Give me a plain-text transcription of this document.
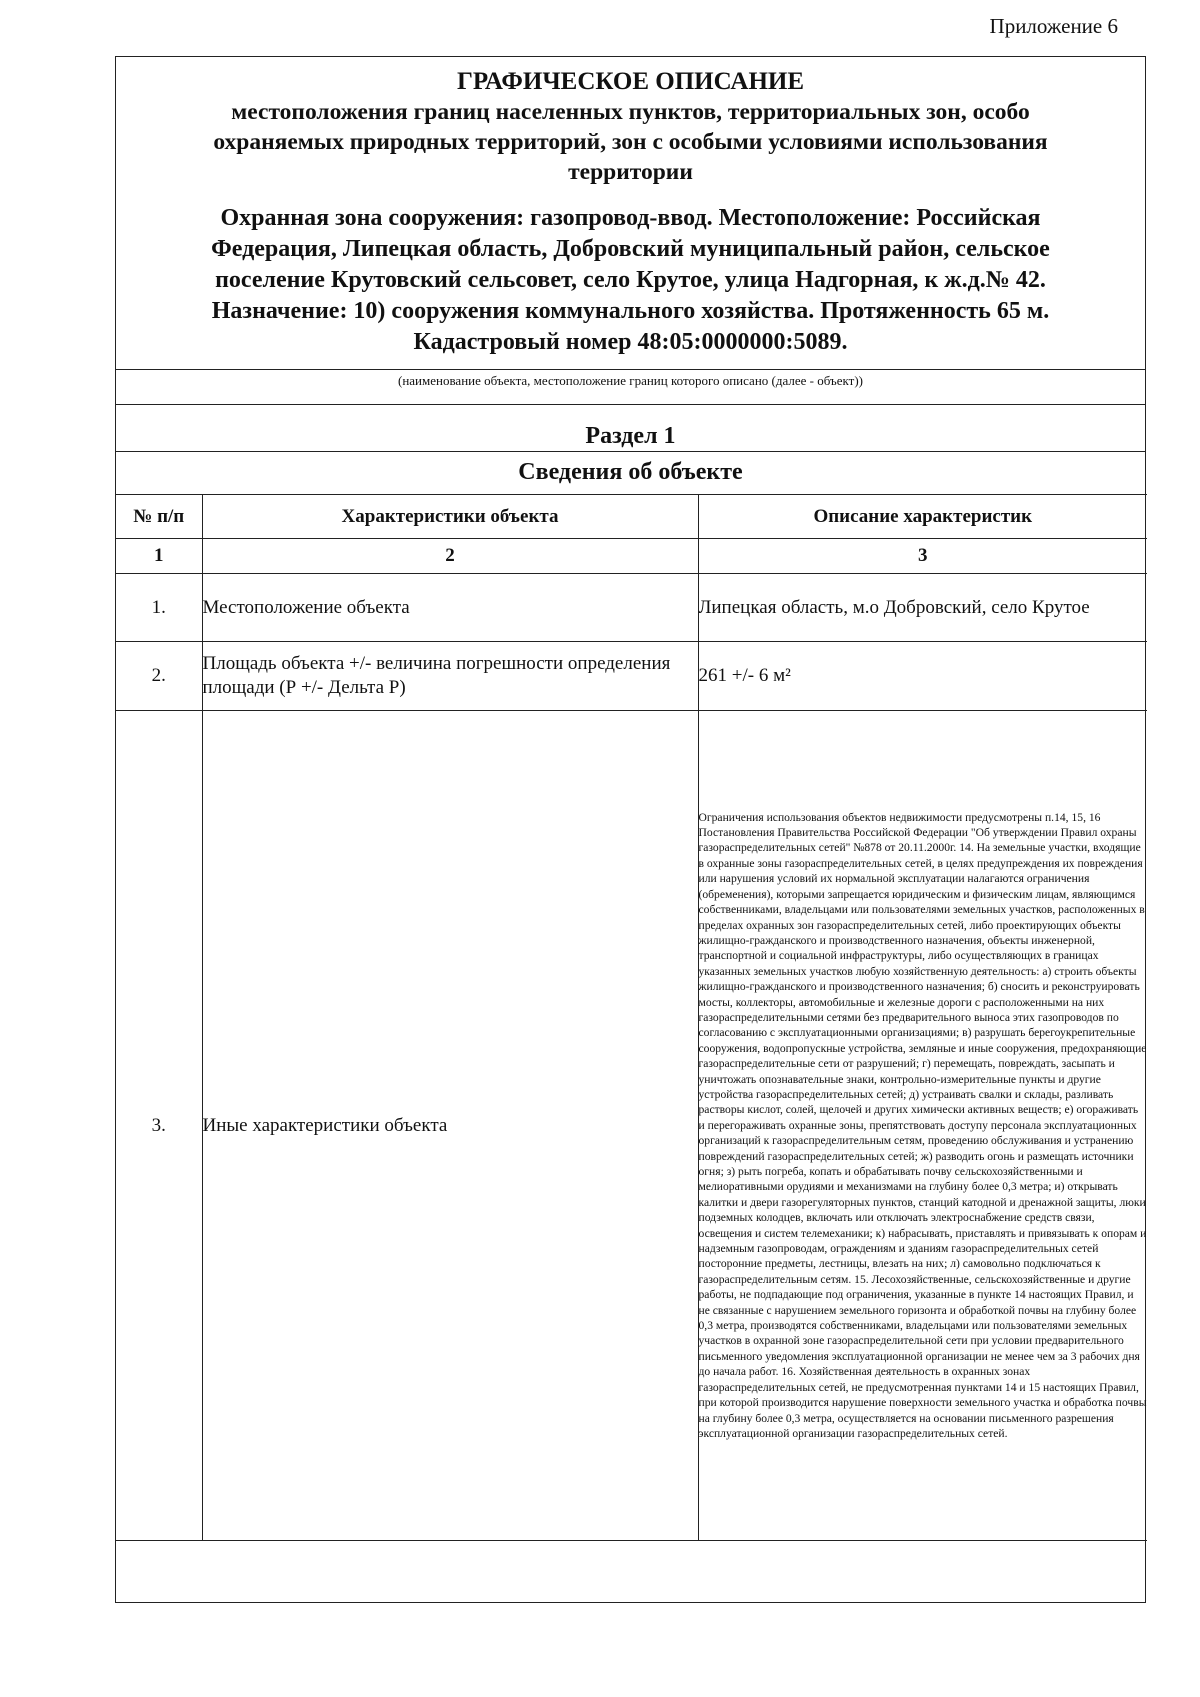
Приложение 6
ГРАФИЧЕСКОЕ ОПИСАНИЕ
местоположения границ населенных пунктов, территориальных зон, особо охраняемых природных территорий, зон с особыми условиями использования территории
Охранная зона сооружения: газопровод-ввод. Местоположение: Российская
Федерация, Липецкая область, Добровский муниципальный район, сельское
поселение Крутовский сельсовет, село Крутое, улица Надгорная, к ж.д.№ 42.
Назначение: 10) сооружения коммунального хозяйства. Протяженность 65 м.
Кадастровый номер 48:05:0000000:5089.
(наименование объекта, местоположение границ которого описано (далее - объект))
Раздел 1
Сведения об объекте
№ п/п	Характеристики объекта	Описание характеристик
1	2	3
1.	Местоположение объекта	Липецкая область, м.о Добровский, село Крутое
2.	Площадь объекта +/- величина погрешности определения площади (Р +/- Дельта Р)	261 +/- 6 м²
3.	Иные характеристики объекта	Ограничения использования объектов недвижимости предусмотрены п.14, 15, 16 Постановления Правительства Российской Федерации "Об утверждении Правил охраны газораспределительных сетей" №878 от 20.11.2000г. 14. На земельные участки, входящие в охранные зоны газораспределительных сетей, в целях предупреждения их повреждения или нарушения условий их нормальной эксплуатации налагаются ограничения (обременения), которыми запрещается юридическим и физическим лицам, являющимся собственниками, владельцами или пользователями земельных участков, расположенных в пределах охранных зон газораспределительных сетей, либо проектирующих объекты жилищно-гражданского и производственного назначения, объекты инженерной, транспортной и социальной инфраструктуры, либо осуществляющих в границах указанных земельных участков любую хозяйственную деятельность: а) строить объекты жилищно-гражданского и производственного назначения; б) сносить и реконструировать мосты, коллекторы, автомобильные и железные дороги с расположенными на них газораспределительными сетями без предварительного выноса этих газопроводов по согласованию с эксплуатационными организациями; в) разрушать берегоукрепительные сооружения, водопропускные устройства, земляные и иные сооружения, предохраняющие газораспределительные сети от разрушений; г) перемещать, повреждать, засыпать и уничтожать опознавательные знаки, контрольно-измерительные пункты и другие устройства газораспределительных сетей; д) устраивать свалки и склады, разливать растворы кислот, солей, щелочей и других химически активных веществ; е) огораживать и перегораживать охранные зоны, препятствовать доступу персонала эксплуатационных организаций к газораспределительным сетям, проведению обслуживания и устранению повреждений газораспределительных сетей; ж) разводить огонь и размещать источники огня; з) рыть погреба, копать и обрабатывать почву сельскохозяйственными и мелиоративными орудиями и механизмами на глубину более 0,3 метра; и) открывать калитки и двери газорегуляторных пунктов, станций катодной и дренажной защиты, люки подземных колодцев, включать или отключать электроснабжение средств связи, освещения и систем телемеханики; к) набрасывать, приставлять и привязывать к опорам и надземным газопроводам, ограждениям и зданиям газораспределительных сетей посторонние предметы, лестницы, влезать на них; л) самовольно подключаться к газораспределительным сетям. 15. Лесохозяйственные, сельскохозяйственные и другие работы, не подпадающие под ограничения, указанные в пункте 14 настоящих Правил, и не связанные с нарушением земельного горизонта и обработкой почвы на глубину более 0,3 метра, производятся собственниками, владельцами или пользователями земельных участков в охранной зоне газораспределительной сети при условии предварительного письменного уведомления эксплуатационной организации не менее чем за 3 рабочих дня до начала работ. 16. Хозяйственная деятельность в охранных зонах газораспределительных сетей, не предусмотренная пунктами 14 и 15 настоящих Правил, при которой производится нарушение поверхности земельного участка и обработка почвы на глубину более 0,3 метра, осуществляется на основании письменного разрешения эксплуатационной организации газораспределительных сетей.
